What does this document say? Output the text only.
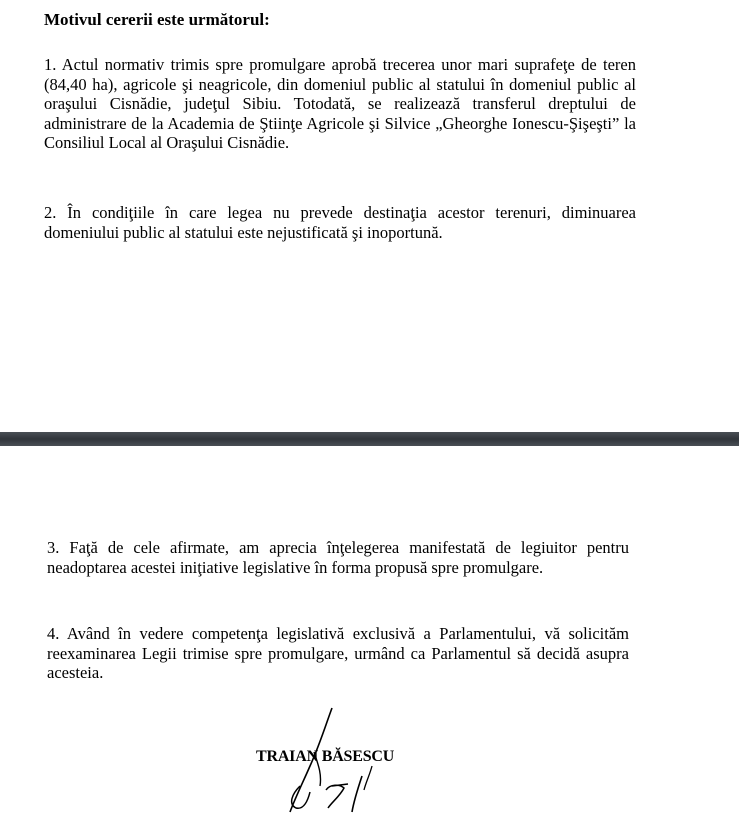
Motivul cererii este următorul:

1. Actul normativ trimis spre promulgare aprobă trecerea unor mari suprafeţe de teren (84,40 ha), agricole şi neagricole, din domeniul public al statului în domeniul public al oraşului Cisnădie, judeţul Sibiu. Totodată, se realizează transferul dreptului de administrare de la Academia de Ştiinţe Agricole şi Silvice „Gheorghe Ionescu-Şişeşti” la Consiliul Local al Oraşului Cisnădie.

2. În condiţiile în care legea nu prevede destinaţia acestor terenuri, diminuarea domeniului public al statului este nejustificată şi inoportună.

3. Faţă de cele afirmate, am aprecia înţelegerea manifestată de legiuitor pentru neadoptarea acestei iniţiative legislative în forma propusă spre promulgare.

4. Având în vedere competenţa legislativă exclusivă a Parlamentului, vă solicităm reexaminarea Legii trimise spre promulgare, urmând ca Parlamentul să decidă asupra acesteia.

TRAIAN BĂSESCU
